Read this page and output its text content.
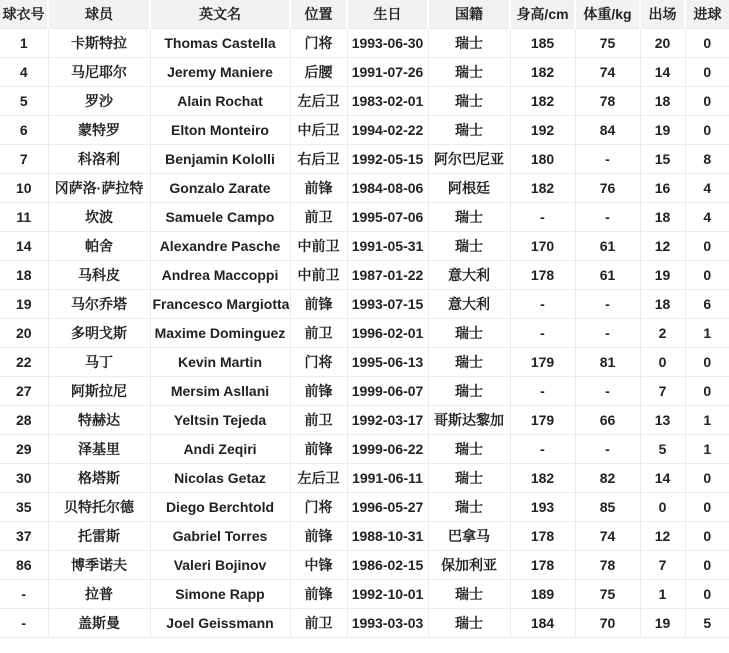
球衣号	球员	英文名	位置	生日	国籍	身高/cm	体重/kg	出场	进球
1	卡斯特拉	Thomas Castella	门将	1993-06-30	瑞士	185	75	20	0
4	马尼耶尔	Jeremy Maniere	后腰	1991-07-26	瑞士	182	74	14	0
5	罗沙	Alain Rochat	左后卫	1983-02-01	瑞士	182	78	18	0
6	蒙特罗	Elton Monteiro	中后卫	1994-02-22	瑞士	192	84	19	0
7	科洛利	Benjamin Kololli	右后卫	1992-05-15	阿尔巴尼亚	180	-	15	8
10	冈萨洛·萨拉特	Gonzalo Zarate	前锋	1984-08-06	阿根廷	182	76	16	4
11	坎波	Samuele Campo	前卫	1995-07-06	瑞士	-	-	18	4
14	帕舍	Alexandre Pasche	中前卫	1991-05-31	瑞士	170	61	12	0
18	马科皮	Andrea Maccoppi	中前卫	1987-01-22	意大利	178	61	19	0
19	马尔乔塔	Francesco Margiotta	前锋	1993-07-15	意大利	-	-	18	6
20	多明戈斯	Maxime Dominguez	前卫	1996-02-01	瑞士	-	-	2	1
22	马丁	Kevin Martin	门将	1995-06-13	瑞士	179	81	0	0
27	阿斯拉尼	Mersim Asllani	前锋	1999-06-07	瑞士	-	-	7	0
28	特赫达	Yeltsin Tejeda	前卫	1992-03-17	哥斯达黎加	179	66	13	1
29	泽基里	Andi Zeqiri	前锋	1999-06-22	瑞士	-	-	5	1
30	格塔斯	Nicolas Getaz	左后卫	1991-06-11	瑞士	182	82	14	0
35	贝特托尔德	Diego Berchtold	门将	1996-05-27	瑞士	193	85	0	0
37	托雷斯	Gabriel Torres	前锋	1988-10-31	巴拿马	178	74	12	0
86	博季诺夫	Valeri Bojinov	中锋	1986-02-15	保加利亚	178	78	7	0
-	拉普	Simone Rapp	前锋	1992-10-01	瑞士	189	75	1	0
-	盖斯曼	Joel Geissmann	前卫	1993-03-03	瑞士	184	70	19	5
